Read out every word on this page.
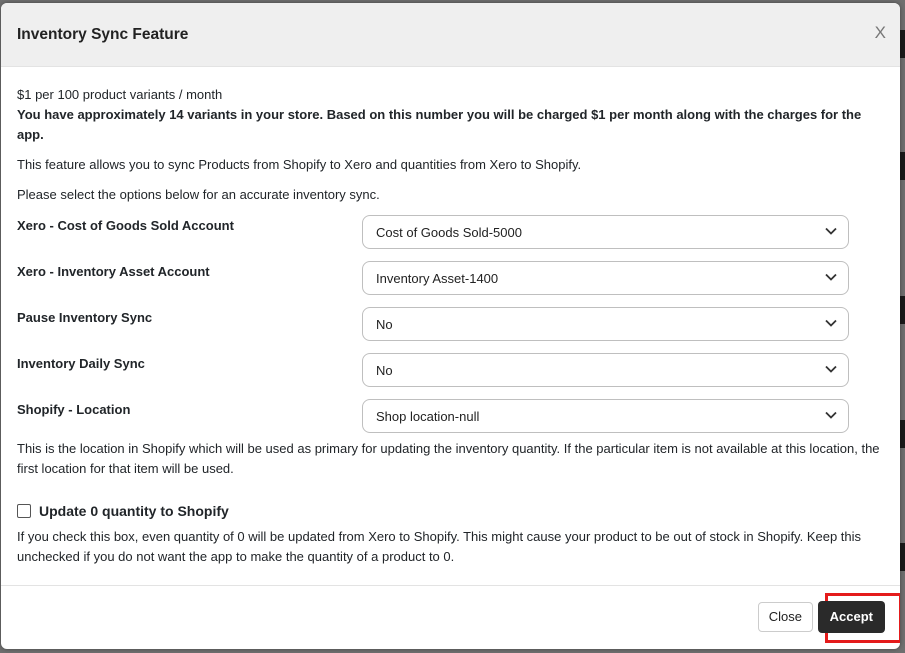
Inventory Sync Feature	X

$1 per 100 product variants / month

You have approximately 14 variants in your store. Based on this number you will be charged $1 per month along with the charges for the app.

This feature allows you to sync Products from Shopify to Xero and quantities from Xero to Shopify.

Please select the options below for an accurate inventory sync.

Xero - Cost of Goods Sold Account	Cost of Goods Sold-5000
Xero - Inventory Asset Account	Inventory Asset-1400
Pause Inventory Sync	No
Inventory Daily Sync	No
Shopify - Location	Shop location-null

This is the location in Shopify which will be used as primary for updating the inventory quantity. If the particular item is not available at this location, the first location for that item will be used.

Update 0 quantity to Shopify

If you check this box, even quantity of 0 will be updated from Xero to Shopify. This might cause your product to be out of stock in Shopify. Keep this unchecked if you do not want the app to make the quantity of a product to 0.

Close	Accept
